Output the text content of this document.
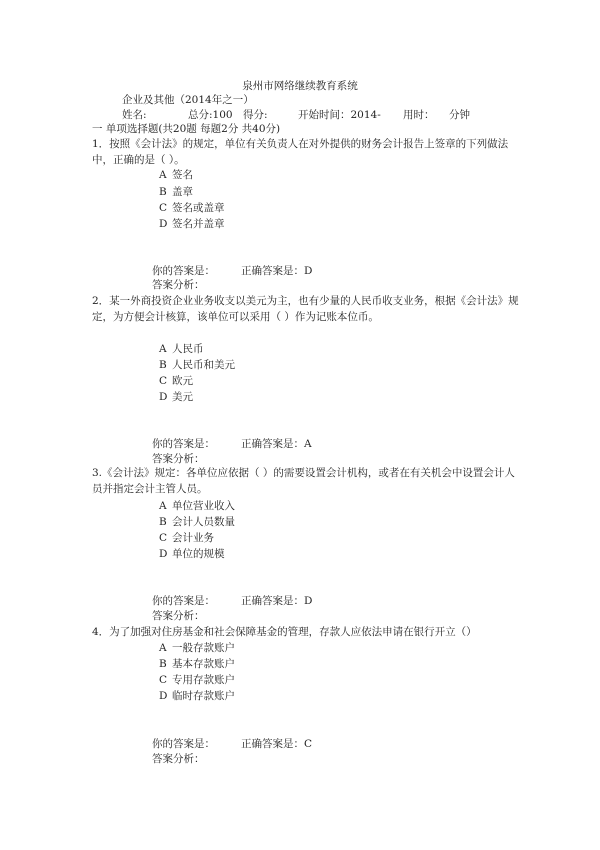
泉州市网络继续教育系统
企业及其他（2014年之一）
姓名:	总分:100 得分:	开始时间：2014- 用时： 分钟
一 单项选择题(共20题 每题2分 共40分)
1．按照《会计法》的规定，单位有关负责人在对外提供的财务会计报告上签章的下列做法中，正确的是（ ）。
A 签名
B 盖章
C 签名或盖章
D 签名并盖章
你的答案是： 正确答案是：D
答案分析：
2．某一外商投资企业业务收支以美元为主，也有少量的人民币收支业务，根据《会计法》规定，为方便会计核算，该单位可以采用（ ）作为记账本位币。
A 人民币
B 人民币和美元
C 欧元
D 美元
你的答案是： 正确答案是：A
答案分析：
3.《会计法》规定：各单位应依据（ ）的需要设置会计机构，或者在有关机会中设置会计人员并指定会计主管人员。
A 单位营业收入
B 会计人员数量
C 会计业务
D 单位的规模
你的答案是： 正确答案是：D
答案分析：
4．为了加强对住房基金和社会保障基金的管理，存款人应依法申请在银行开立（）
A 一般存款账户
B 基本存款账户
C 专用存款账户
D 临时存款账户
你的答案是： 正确答案是：C
答案分析：
